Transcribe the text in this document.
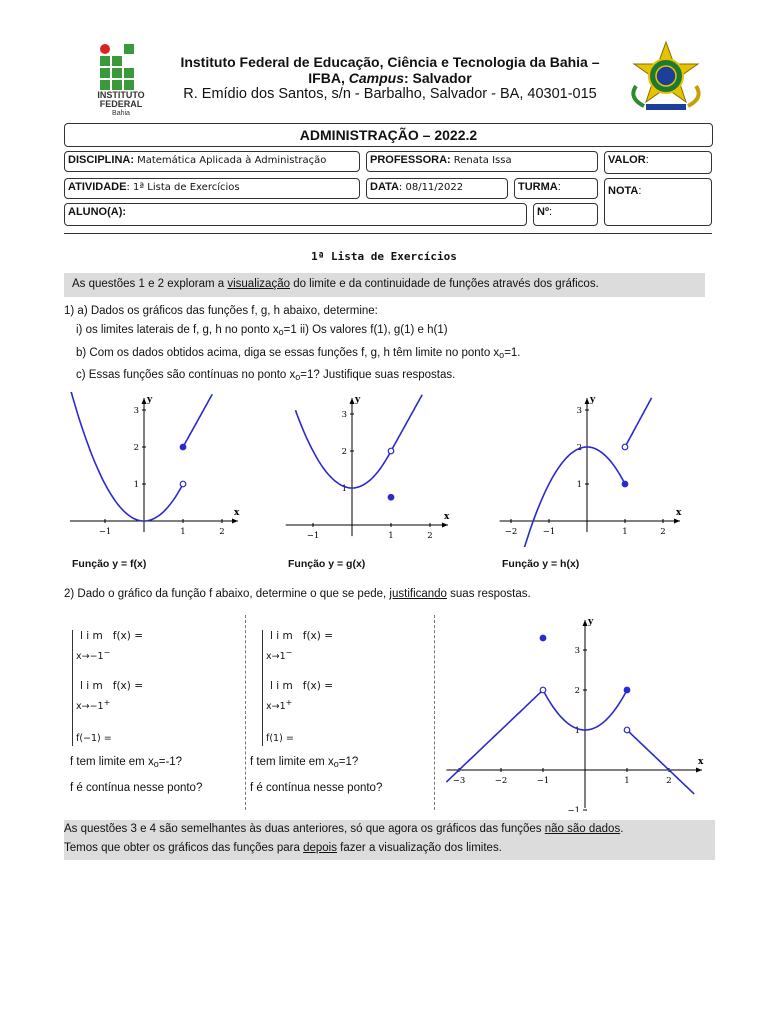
INSTITUTO
FEDERAL
Bahia
Instituto Federal de Educação, Ciência e Tecnologia da Bahia –
IFBA, Campus: Salvador
R. Emídio dos Santos, s/n - Barbalho, Salvador - BA, 40301-015
ADMINISTRAÇÃO – 2022.2
DISCIPLINA: Matemática Aplicada à Administração	PROFESSORA: Renata Issa	VALOR:
ATIVIDADE: 1ª Lista de Exercícios	DATA: 08/11/2022	TURMA:	NOTA:
ALUNO(A):	Nº:
1ª Lista de Exercícios
As questões 1 e 2 exploram a visualização do limite e da continuidade de funções através dos gráficos.
1) a) Dados os gráficos das funções f, g, h abaixo, determine:
i) os limites laterais de f, g, h no ponto $x_o=1$ ii) Os valores f(1), g(1) e h(1)
b) Com os dados obtidos acima, diga se essas funções f, g, h têm limite no ponto $x_o=1$.
c) Essas funções são contínuas no ponto $x_o=1$? Justifique suas respostas.
x
y
−1	1	2
1
2
3
x
y
−1	1	2
1
2
3
x
y
−2	−1	1	2
1
2
3
Função y = f(x)	Função y = g(x)	Função y = h(x)
2) Dado o gráfico da função f abaixo, determine o que se pede, justificando suas respostas.
l i m f(x) =
x→−1−
l i m f(x) =
x→−1+
f(−1) =
f tem limite em $x_o=-1$?
f é contínua nesse ponto?
l i m f(x) =
x→1−
l i m f(x) =
x→1+
f(1) =
f tem limite em $x_o=1$?
f é contínua nesse ponto?
x
y
−3	−2	−1	1	2
−1
1
2
3
As questões 3 e 4 são semelhantes às duas anteriores, só que agora os gráficos das funções não são dados.
Temos que obter os gráficos das funções para depois fazer a visualização dos limites.
